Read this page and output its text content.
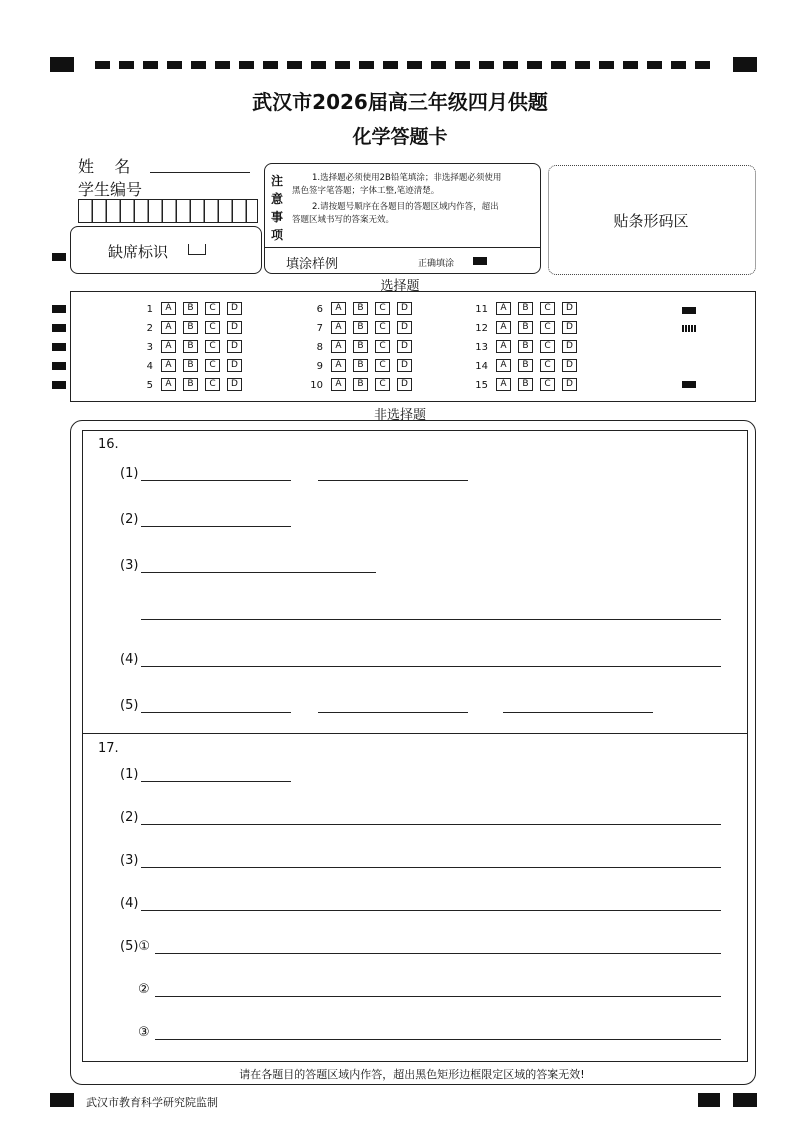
武汉市2026届高三年级四月供题
化学答题卡
姓    名
学生编号
缺席标识
注
意
事
项
1.选择题必须使用2B铅笔填涂；非选择题必须使用
黑色签字笔答题；字体工整,笔迹清楚。
2.请按题号顺序在各题目的答题区域内作答，超出
答题区域书写的答案无效。
填涂样例	正确填涂
贴条形码区
选择题
1 A B C D
2 A B C D
3 A B C D
4 A B C D
5 A B C D
6 A B C D
7 A B C D
8 A B C D
9 A B C D
10 A B C D
11 A B C D
12 A B C D
13 A B C D
14 A B C D
15 A B C D
非选择题
16.
(1)
(2)
(3)
(4)
(5)
17.
(1)
(2)
(3)
(4)
(5)①
②
③
请在各题目的答题区域内作答，超出黑色矩形边框限定区域的答案无效!
武汉市教育科学研究院监制
